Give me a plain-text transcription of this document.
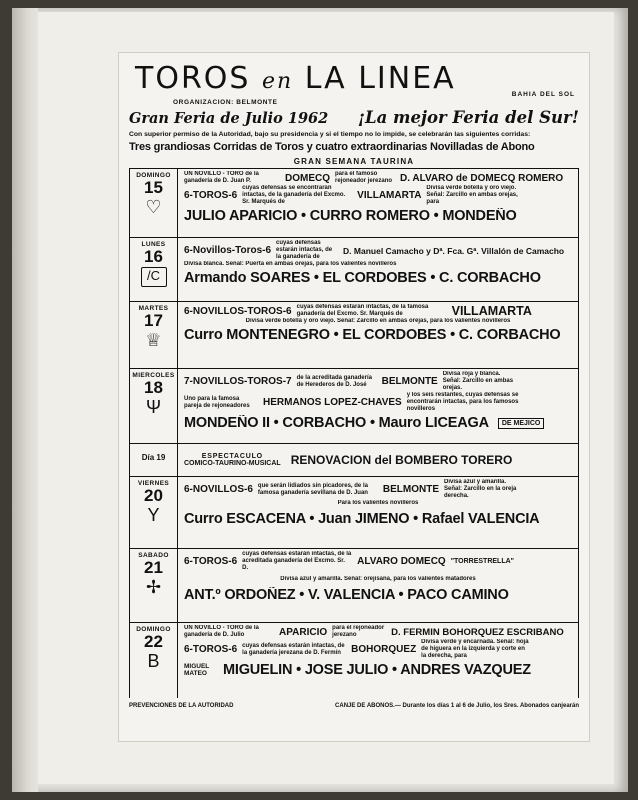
TOROS en LA LINEA	BAHIA DEL SOL
ORGANIZACION: BELMONTE
Gran Feria de Julio 1962 ¡La mejor Feria del Sur!
Con superior permiso de la Autoridad, bajo su presidencia y si el tiempo no lo impide, se celebrarán las siguientes corridas:
Tres grandiosas Corridas de Toros y cuatro extraordinarias Novilladas de Abono
GRAN SEMANA TAURINA
DOMINGO
15
♡
UN NOVILLO - TORO de la ganadería de D. Juan P.	DOMECQ para el famoso rejoneador jerezano D. ALVARO de DOMECQ ROMERO
6-TOROS-6
cuyas defensas se encontrarán intactas, de la ganadería del Excmo. Sr. Marqués de
VILLAMARTA
Divisa verde botella y oro viejo. Señal: Zarcillo en ambas orejas, para
JULIO APARICIO • CURRO ROMERO • MONDEÑO
LUNES
16
/C
6-Novillos-Toros-6
cuyas defensas estarán intactas, de la ganadería de
D. Manuel Camacho y Dª. Fca. Gª. Villalón de Camacho
Divisa blanca. Señal: Puerta en ambas orejas, para los valientes novilleros
Armando SOARES • EL CORDOBES • C. CORBACHO
MARTES
17
♕
6-NOVILLOS-TOROS-6 cuyas defensas estarán intactas, de la famosa ganadería del Excmo. Sr. Marqués de	VILLAMARTA
Divisa verde botella y oro viejo. Señal: Zarcillo en ambas orejas, para los valientes novilleros
Curro MONTENEGRO • EL CORDOBES • C. CORBACHO
MIERCOLES
18
Ψ
7-NOVILLOS-TOROS-7 de la acreditada ganadería de Herederos de D. José	BELMONTE
Divisa roja y blanca. Señal: Zarcillo en ambas orejas.
Uno para la famosa pareja de rejoneadores	HERMANOS LOPEZ-CHAVES
y los seis restantes, cuyas defensas se encontrarán intactas, para los famosos novilleros
MONDEÑO II • CORBACHO • Mauro LICEAGA	DE MEJICO
Día 19	ESPECTACULO
COMICO-TAURINO-MUSICAL RENOVACION del BOMBERO TORERO
VIERNES
20
Y
6-NOVILLOS-6 que serán lidiados sin picadores, de la famosa ganadería sevillana de D. Juan	BELMONTE
Divisa azul y amarilla. Señal: Zarcillo en la oreja derecha.
Para los valientes novilleros
Curro ESCACENA • Juan JIMENO • Rafael VALENCIA
SABADO
21
✢
6-TOROS-6
cuyas defensas estarán intactas, de la acreditada ganadería del Excmo. Sr. D.
ALVARO DOMECQ "TORRESTRELLA"
Divisa azul y amarilla. Señal: orejisana, para los valientes matadores
ANT.º ORDOÑEZ • V. VALENCIA • PACO CAMINO
DOMINGO
22
B
UN NOVILLO - TORO de la ganadería de D. Julio	APARICIO para el rejoneador jerezano	D. FERMIN BOHORQUEZ ESCRIBANO
6-TOROS-6 cuyas defensas estarán intactas, de la ganadería jerezana de D. Fermín	BOHORQUEZ
Divisa verde y encarnada. Señal: hoja de higuera en la izquierda y corte en la derecha, para
MIGUEL MATEO	MIGUELIN • JOSE JULIO • ANDRES VAZQUEZ
PREVENCIONES DE LA AUTORIDAD	CANJE DE ABONOS.— Durante los días 1 al 6 de Julio, los Sres. Abonados canjearán
